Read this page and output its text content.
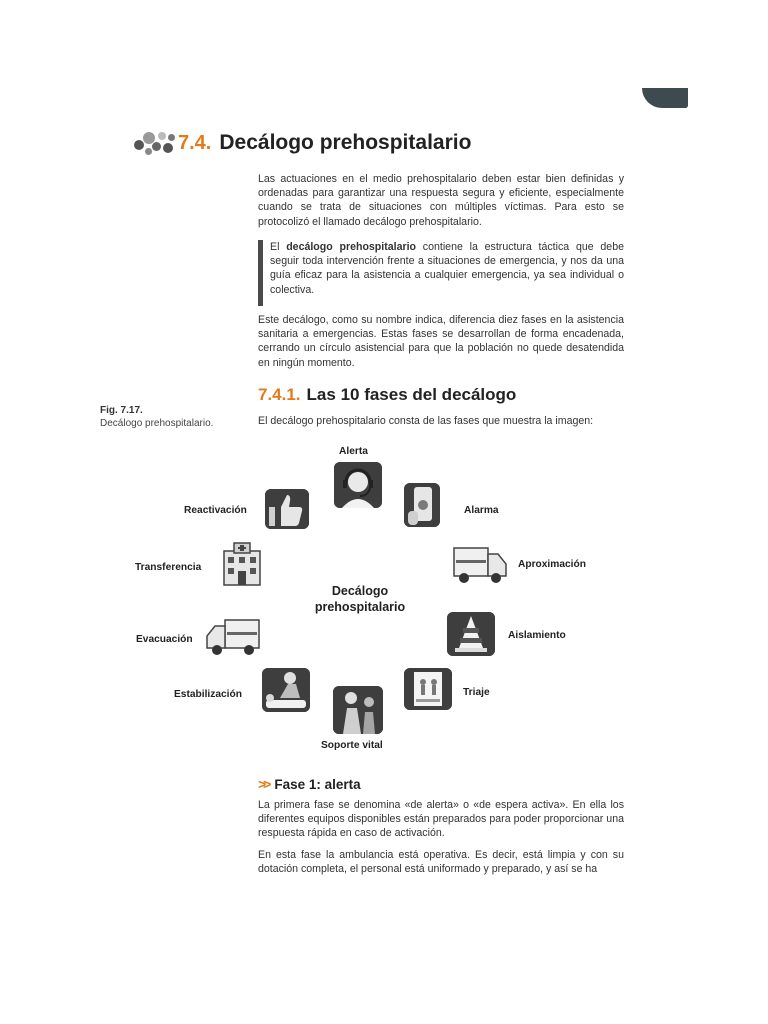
7.4. Decálogo prehospitalario

Las actuaciones en el medio prehospitalario deben estar bien definidas y ordenadas para garantizar una respuesta segura y eficiente, especialmente cuando se trata de situaciones con múltiples víctimas. Para esto se protocolizó el llamado decálogo prehospitalario.

El decálogo prehospitalario contiene la estructura táctica que debe seguir toda intervención frente a situaciones de emergencia, y nos da una guía eficaz para la asistencia a cualquier emergencia, ya sea individual o colectiva.

Este decálogo, como su nombre indica, diferencia diez fases en la asistencia sanitaria a emergencias. Estas fases se desarrollan de forma encadenada, cerrando un círculo asistencial para que la población no quede desatendida en ningún momento.

7.4.1. Las 10 fases del decálogo
Fig. 7.17.
Decálogo prehospitalario.	El decálogo prehospitalario consta de las fases que muestra la imagen:

Decálogo
prehospitalario
Alerta
Alarma
Aproximación
Aislamiento
Triaje
Soporte vital
Estabilización
Evacuación
Transferencia
Reactivación
>> Fase 1: alerta

La primera fase se denomina «de alerta» o «de espera activa». En ella los diferentes equipos disponibles están preparados para poder proporcionar una respuesta rápida en caso de activación.

En esta fase la ambulancia está operativa. Es decir, está limpia y con su dotación completa, el personal está uniformado y preparado, y así se ha
